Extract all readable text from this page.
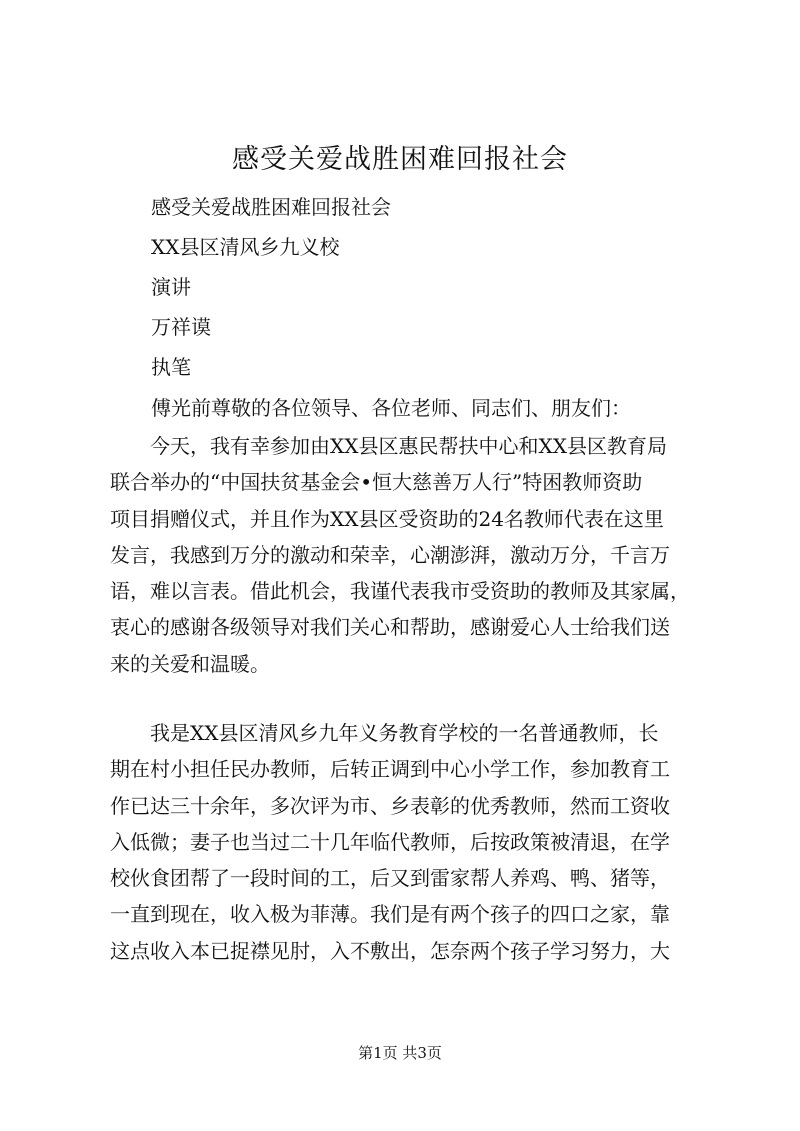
感受关爱战胜困难回报社会
感受关爱战胜困难回报社会
XX县区清风乡九义校
演讲
万祥谟
执笔
傅光前尊敬的各位领导、各位老师、同志们、朋友们：
今天，我有幸参加由XX县区惠民帮扶中心和XX县区教育局
联合举办的“中国扶贫基金会•恒大慈善万人行”特困教师资助
项目捐赠仪式，并且作为XX县区受资助的24名教师代表在这里
发言，我感到万分的激动和荣幸，心潮澎湃，激动万分，千言万
语，难以言表。借此机会，我谨代表我市受资助的教师及其家属，
衷心的感谢各级领导对我们关心和帮助，感谢爱心人士给我们送
来的关爱和温暖。
我是XX县区清风乡九年义务教育学校的一名普通教师，长
期在村小担任民办教师，后转正调到中心小学工作，参加教育工
作已达三十余年，多次评为市、乡表彰的优秀教师，然而工资收
入低微；妻子也当过二十几年临代教师，后按政策被清退，在学
校伙食团帮了一段时间的工，后又到雷家帮人养鸡、鸭、猪等，
一直到现在，收入极为菲薄。我们是有两个孩子的四口之家，靠
这点收入本已捉襟见肘，入不敷出，怎奈两个孩子学习努力，大
第1页 共3页
